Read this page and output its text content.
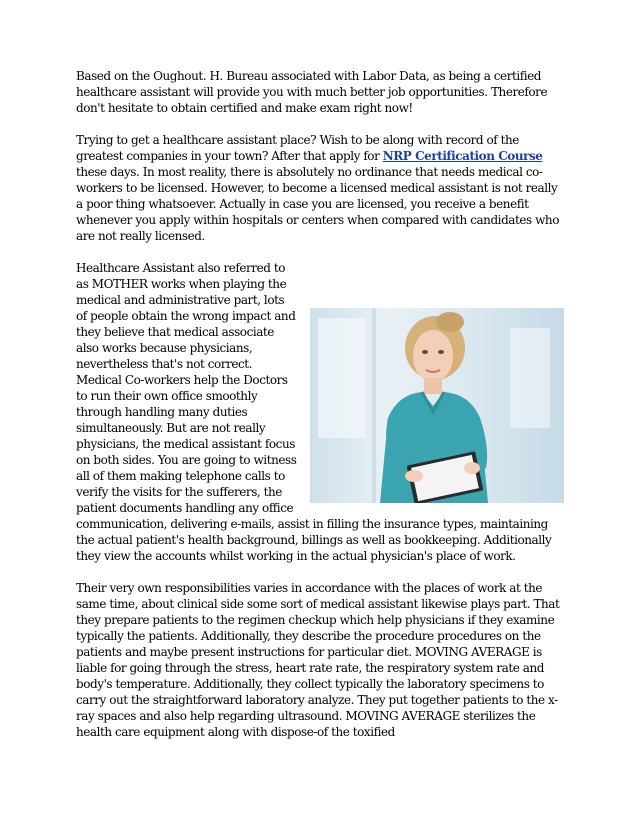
Based on the Oughout. H. Bureau associated with Labor Data, as being a certified healthcare assistant will provide you with much better job opportunities. Therefore don't hesitate to obtain certified and make exam right now!

Trying to get a healthcare assistant place? Wish to be along with record of the greatest companies in your town? After that apply for NRP Certification Course these days. In most reality, there is absolutely no ordinance that needs medical co-workers to be licensed. However, to become a licensed medical assistant is not really a poor thing whatsoever. Actually in case you are licensed, you receive a benefit whenever you apply within hospitals or centers when compared with candidates who are not really licensed.

Healthcare Assistant also referred to as MOTHER works when playing the medical and administrative part, lots of people obtain the wrong impact and they believe that medical associate also works because physicians, nevertheless that's not correct. Medical Co-workers help the Doctors to run their own office smoothly through handling many duties simultaneously. But are not really physicians, the medical assistant focus on both sides. You are going to witness all of them making telephone calls to verify the visits for the sufferers, the patient documents handling any office communication, delivering e-mails, assist in filling the insurance types, maintaining the actual patient's health background, billings as well as bookkeeping. Additionally they view the accounts whilst working in the actual physician's place of work.

Their very own responsibilities varies in accordance with the places of work at the same time, about clinical side some sort of medical assistant likewise plays part. That they prepare patients to the regimen checkup which help physicians if they examine typically the patients. Additionally, they describe the procedure procedures on the patients and maybe present instructions for particular diet. MOVING AVERAGE is liable for going through the stress, heart rate rate, the respiratory system rate and body's temperature. Additionally, they collect typically the laboratory specimens to carry out the straightforward laboratory analyze. They put together patients to the x-ray spaces and also help regarding ultrasound. MOVING AVERAGE sterilizes the health care equipment along with dispose-of the toxified
